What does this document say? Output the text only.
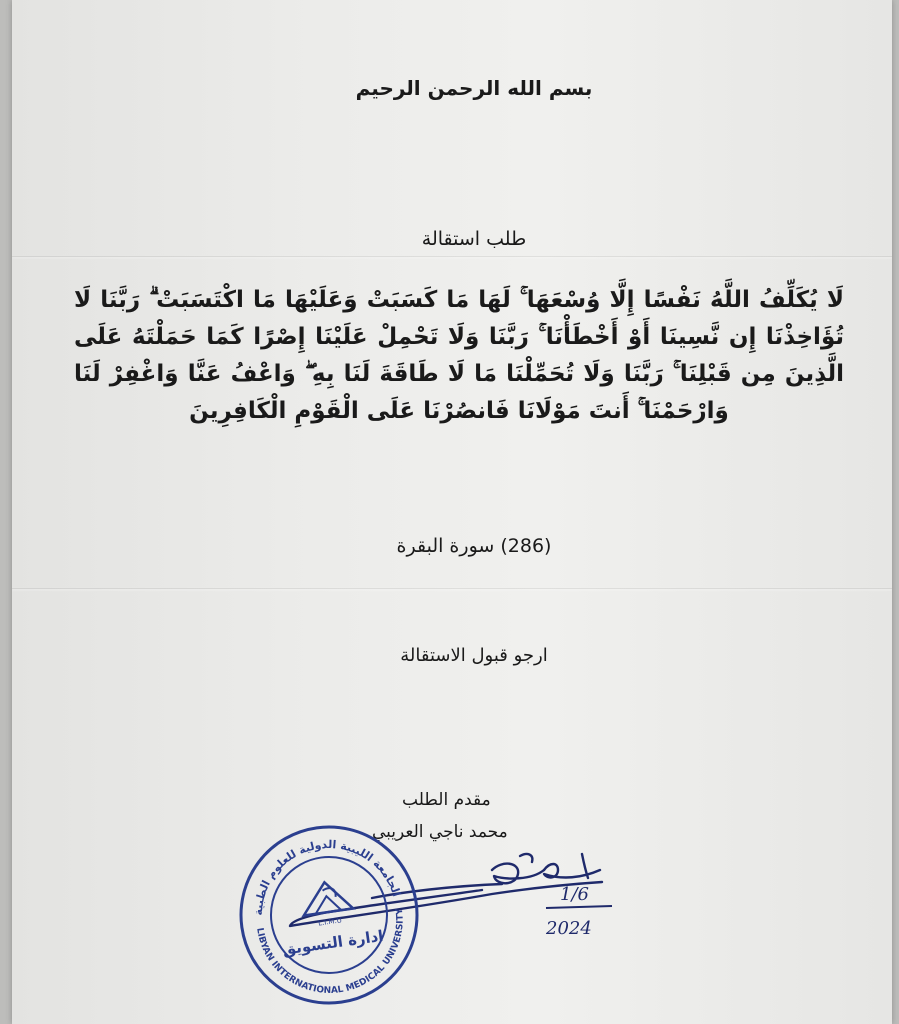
بسم الله الرحمن الرحيم
طلب استقالة
لَا يُكَلِّفُ اللَّهُ نَفْسًا إِلَّا وُسْعَهَا ۚ لَهَا مَا كَسَبَتْ وَعَلَيْهَا مَا اكْتَسَبَتْ ۗ رَبَّنَا لَا تُؤَاخِذْنَا إِن نَّسِينَا أَوْ أَخْطَأْنَا ۚ رَبَّنَا وَلَا تَحْمِلْ عَلَيْنَا إِصْرًا كَمَا حَمَلْتَهُ عَلَى الَّذِينَ مِن قَبْلِنَا ۚ رَبَّنَا وَلَا تُحَمِّلْنَا مَا لَا طَاقَةَ لَنَا بِهِ ۖ وَاعْفُ عَنَّا وَاغْفِرْ لَنَا وَارْحَمْنَا ۚ أَنتَ مَوْلَانَا فَانصُرْنَا عَلَى الْقَوْمِ الْكَافِرِينَ
(286) سورة البقرة
ارجو قبول الاستقالة
مقدم الطلب
محمد ناجي العريبي
1/6
2024
الجامعة الليبية الدولية للعلوم الطبية
LIBYAN INTERNATIONAL MEDICAL UNIVERSITY
L.I.M.U
ادارة التسويق
